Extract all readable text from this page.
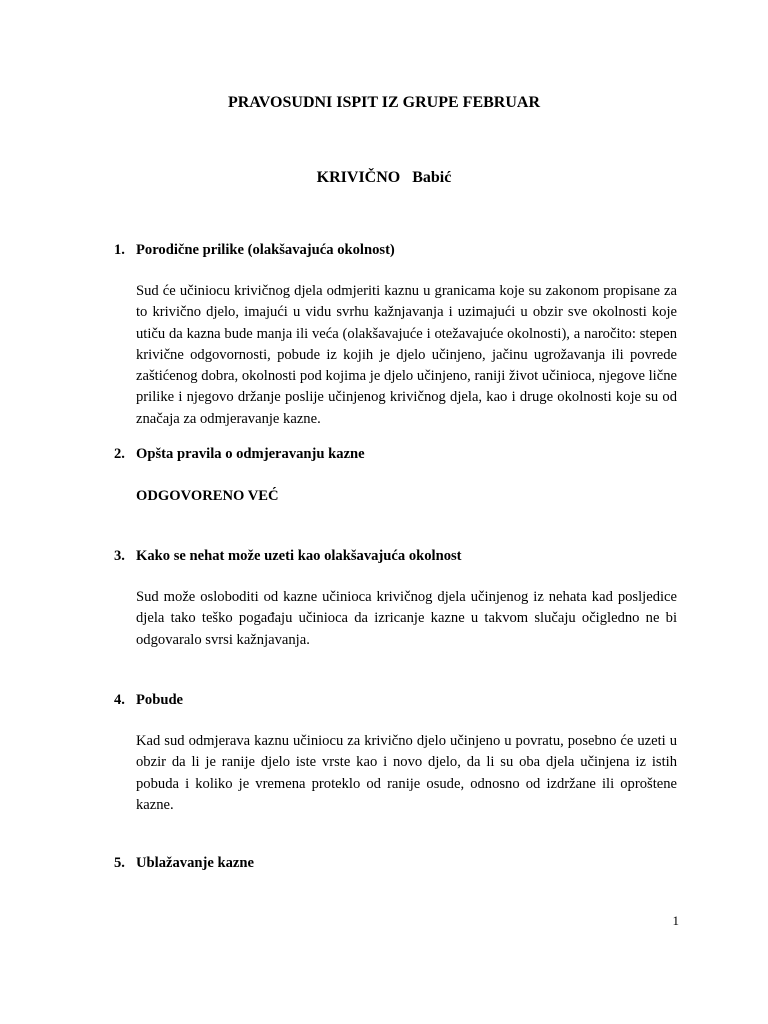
PRAVOSUDNI ISPIT IZ GRUPE FEBRUAR
KRIVIČNO   Babić
1. Porodične prilike (olakšavajuća okolnost)
Sud će učiniocu krivičnog djela odmjeriti kaznu u granicama koje su zakonom propisane za to krivično djelo, imajući u vidu svrhu kažnjavanja i uzimajući u obzir sve okolnosti koje utiču da kazna bude manja ili veća (olakšavajuće i otežavajuće okolnosti), a naročito: stepen krivične odgovornosti, pobude iz kojih je djelo učinjeno, jačinu ugrožavanja ili povrede zaštićenog dobra, okolnosti pod kojima je djelo učinjeno, raniji život učinioca, njegove lične prilike i njegovo držanje poslije učinjenog krivičnog djela, kao i druge okolnosti koje su od značaja za odmjeravanje kazne.
2. Opšta pravila o odmjeravanju kazne
ODGOVORENO VEĆ
3. Kako se nehat može uzeti kao olakšavajuća okolnost
Sud može osloboditi od kazne učinioca krivičnog djela učinjenog iz nehata kad posljedice djela tako teško pogađaju učinioca da izricanje kazne u takvom slučaju očigledno ne bi odgovaralo svrsi kažnjavanja.
4. Pobude
Kad sud odmjerava kaznu učiniocu za krivično djelo učinjeno u povratu, posebno će uzeti u obzir da li je ranije djelo iste vrste kao i novo djelo, da li su oba djela učinjena iz istih pobuda i koliko je vremena proteklo od ranije osude, odnosno od izdržane ili oproštene kazne.
5. Ublažavanje kazne
1
